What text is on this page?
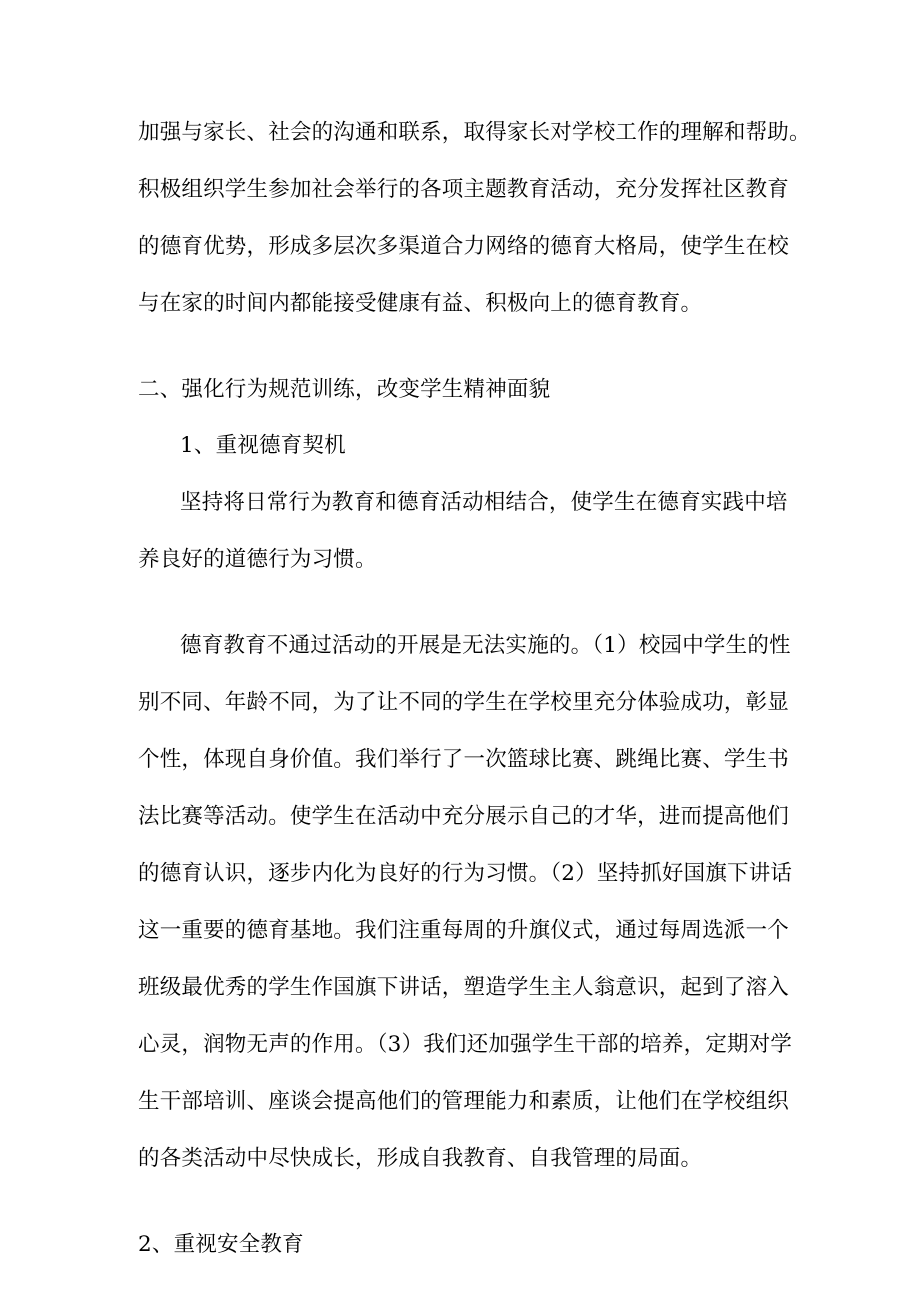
加强与家长、社会的沟通和联系，取得家长对学校工作的理解和帮助。
积极组织学生参加社会举行的各项主题教育活动，充分发挥社区教育
的德育优势，形成多层次多渠道合力网络的德育大格局，使学生在校
与在家的时间内都能接受健康有益、积极向上的德育教育。
二、强化行为规范训练，改变学生精神面貌
1、重视德育契机
坚持将日常行为教育和德育活动相结合，使学生在德育实践中培
养良好的道德行为习惯。
德育教育不通过活动的开展是无法实施的。（1）校园中学生的性
别不同、年龄不同，为了让不同的学生在学校里充分体验成功，彰显
个性，体现自身价值。我们举行了一次篮球比赛、跳绳比赛、学生书
法比赛等活动。使学生在活动中充分展示自己的才华，进而提高他们
的德育认识，逐步内化为良好的行为习惯。（2）坚持抓好国旗下讲话
这一重要的德育基地。我们注重每周的升旗仪式，通过每周选派一个
班级最优秀的学生作国旗下讲话，塑造学生主人翁意识，起到了溶入
心灵，润物无声的作用。（3）我们还加强学生干部的培养，定期对学
生干部培训、座谈会提高他们的管理能力和素质，让他们在学校组织
的各类活动中尽快成长，形成自我教育、自我管理的局面。
2、重视安全教育
